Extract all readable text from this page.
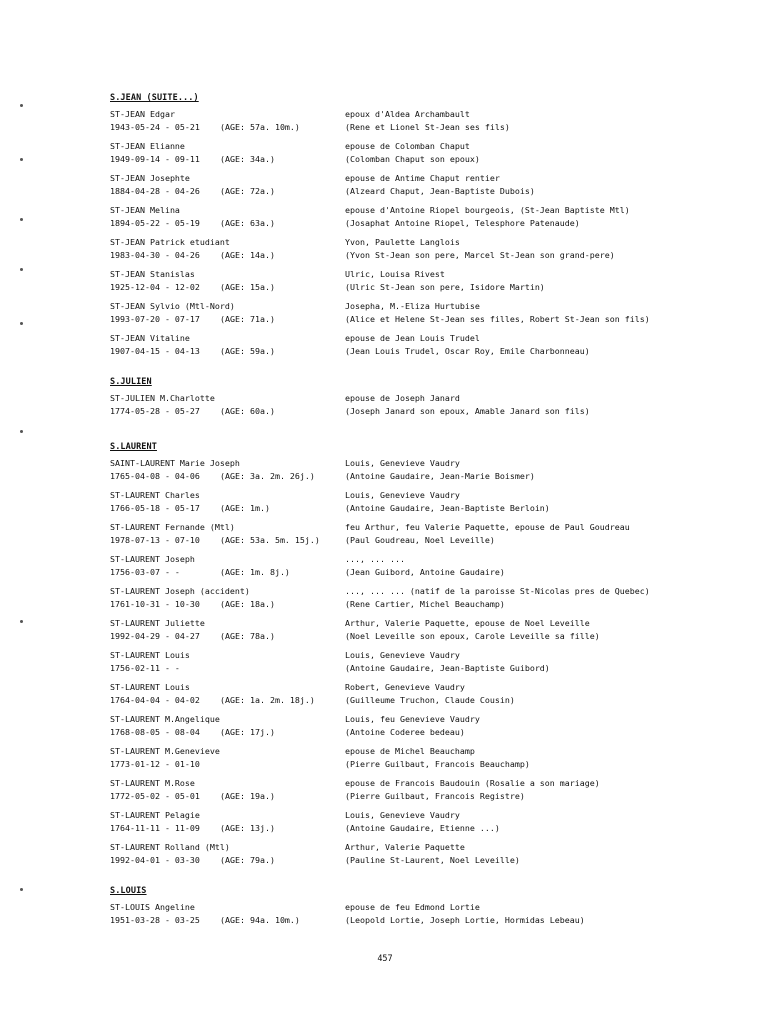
S.JEAN (SUITE...)
ST-JEAN Edgar
1943-05-24 - 05-21 (AGE: 57a. 10m.)
epoux d'Aldea Archambault
(Rene et Lionel St-Jean ses fils)
ST-JEAN Elianne
1949-09-14 - 09-11 (AGE: 34a.)
epouse de Colomban Chaput
(Colomban Chaput son epoux)
ST-JEAN Josephte
1884-04-28 - 04-26 (AGE: 72a.)
epouse de Antime Chaput rentier
(Alzeard Chaput, Jean-Baptiste Dubois)
ST-JEAN Melina
1894-05-22 - 05-19 (AGE: 63a.)
epouse d'Antoine Riopel bourgeois, (St-Jean Baptiste Mtl)
(Josaphat Antoine Riopel, Telesphore Patenaude)
ST-JEAN Patrick etudiant
1983-04-30 - 04-26 (AGE: 14a.)
Yvon, Paulette Langlois
(Yvon St-Jean son pere, Marcel St-Jean son grand-pere)
ST-JEAN Stanislas
1925-12-04 - 12-02 (AGE: 15a.)
Ulric, Louisa Rivest
(Ulric St-Jean son pere, Isidore Martin)
ST-JEAN Sylvio (Mtl-Nord)
1993-07-20 - 07-17 (AGE: 71a.)
Josepha, M.-Eliza Hurtubise
(Alice et Helene St-Jean ses filles, Robert St-Jean son fils)
ST-JEAN Vitaline
1907-04-15 - 04-13 (AGE: 59a.)
epouse de Jean Louis Trudel
(Jean Louis Trudel, Oscar Roy, Emile Charbonneau)
S.JULIEN
ST-JULIEN M.Charlotte
1774-05-28 - 05-27 (AGE: 60a.)
epouse de Joseph Janard
(Joseph Janard son epoux, Amable Janard son fils)
S.LAURENT
SAINT-LAURENT Marie Joseph
1765-04-08 - 04-06 (AGE: 3a. 2m. 26j.)
Louis, Genevieve Vaudry
(Antoine Gaudaire, Jean-Marie Boismer)
ST-LAURENT Charles
1766-05-18 - 05-17 (AGE: 1m.)
Louis, Genevieve Vaudry
(Antoine Gaudaire, Jean-Baptiste Berloin)
ST-LAURENT Fernande (Mtl)
1978-07-13 - 07-10 (AGE: 53a. 5m. 15j.)
feu Arthur, feu Valerie Paquette, epouse de Paul Goudreau
(Paul Goudreau, Noel Leveille)
ST-LAURENT Joseph
1756-03-07 - -	(AGE: 1m. 8j.)
..., ... ...
(Jean Guibord, Antoine Gaudaire)
ST-LAURENT Joseph (accident)
1761-10-31 - 10-30 (AGE: 18a.)
..., ... ... (natif de la paroisse St-Nicolas pres de Quebec)
(Rene Cartier, Michel Beauchamp)
ST-LAURENT Juliette
1992-04-29 - 04-27 (AGE: 78a.)
Arthur, Valerie Paquette, epouse de Noel Leveille
(Noel Leveille son epoux, Carole Leveille sa fille)
ST-LAURENT Louis
1756-02-11 - -
Louis, Genevieve Vaudry
(Antoine Gaudaire, Jean-Baptiste Guibord)
ST-LAURENT Louis
1764-04-04 - 04-02 (AGE: 1a. 2m. 18j.)
Robert, Genevieve Vaudry
(Guilleume Truchon, Claude Cousin)
ST-LAURENT M.Angelique
1768-08-05 - 08-04 (AGE: 17j.)
Louis, feu Genevieve Vaudry
(Antoine Coderee bedeau)
ST-LAURENT M.Genevieve
1773-01-12 - 01-10
epouse de Michel Beauchamp
(Pierre Guilbaut, Francois Beauchamp)
ST-LAURENT M.Rose
1772-05-02 - 05-01 (AGE: 19a.)
epouse de Francois Baudouin (Rosalie a son mariage)
(Pierre Guilbaut, Francois Registre)
ST-LAURENT Pelagie
1764-11-11 - 11-09 (AGE: 13j.)
Louis, Genevieve Vaudry
(Antoine Gaudaire, Etienne ...)
ST-LAURENT Rolland (Mtl)
1992-04-01 - 03-30 (AGE: 79a.)
Arthur, Valerie Paquette
(Pauline St-Laurent, Noel Leveille)
S.LOUIS
ST-LOUIS Angeline
1951-03-28 - 03-25 (AGE: 94a. 10m.)
epouse de feu Edmond Lortie
(Leopold Lortie, Joseph Lortie, Hormidas Lebeau)
457
